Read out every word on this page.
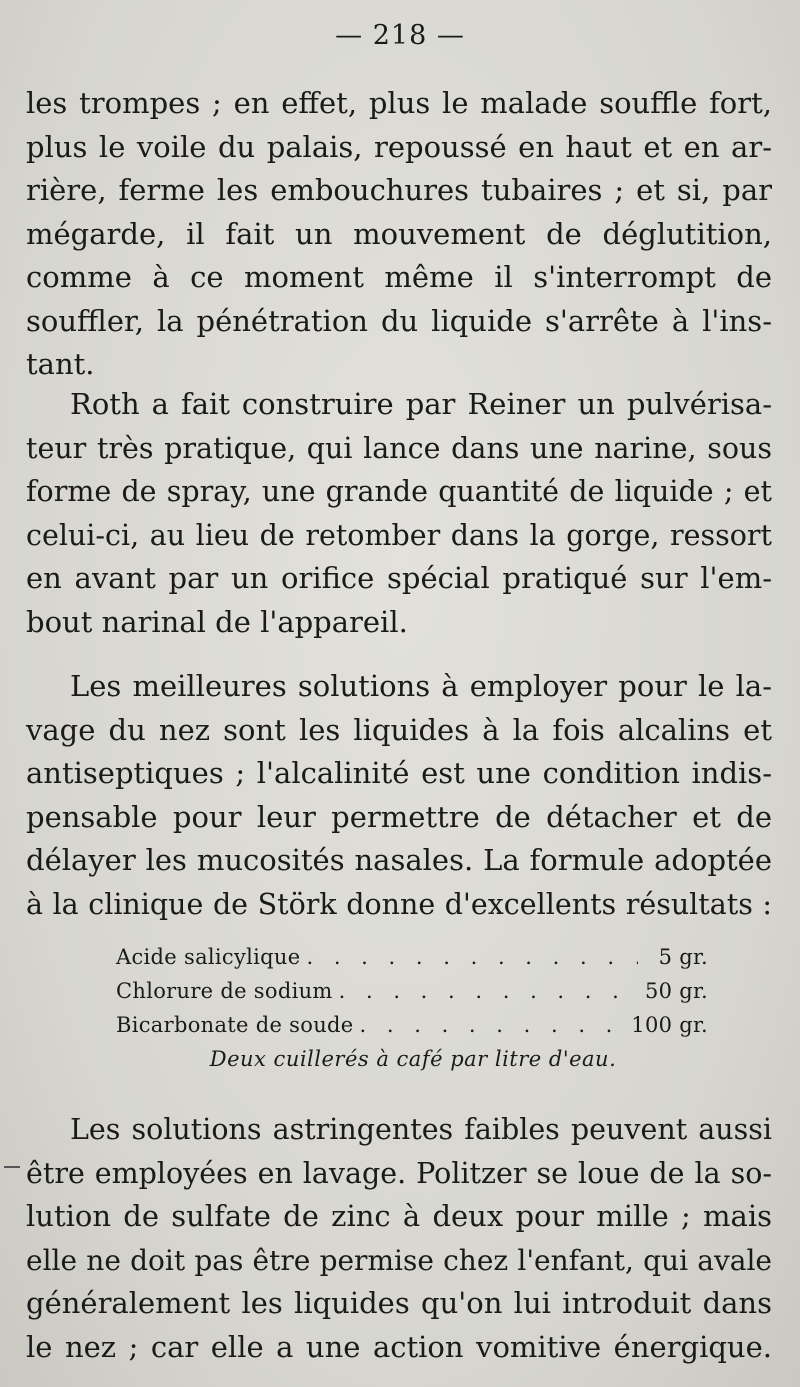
— 218 —
les trompes ; en effet, plus le malade souffle fort,
plus le voile du palais, repoussé en haut et en ar-
rière, ferme les embouchures tubaires ; et si, par
mégarde, il fait un mouvement de déglutition,
comme à ce moment même il s'interrompt de
souffler, la pénétration du liquide s'arrête à l'ins-
tant.
Roth a fait construire par Reiner un pulvérisa-
teur très pratique, qui lance dans une narine, sous
forme de spray, une grande quantité de liquide ; et
celui-ci, au lieu de retomber dans la gorge, ressort
en avant par un orifice spécial pratiqué sur l'em-
bout narinal de l'appareil.
Les meilleures solutions à employer pour le la-
vage du nez sont les liquides à la fois alcalins et
antiseptiques ; l'alcalinité est une condition indis-
pensable pour leur permettre de détacher et de
délayer les mucosités nasales. La formule adoptée
à la clinique de Störk donne d'excellents résultats :
Acide salicylique . . .	5 gr.
Chlorure de sodium . . .	50 gr.
Bicarbonate de soude . . .	100 gr.
Deux cuillerés à café par litre d'eau.
Les solutions astringentes faibles peuvent aussi
être employées en lavage. Politzer se loue de la so-
lution de sulfate de zinc à deux pour mille ; mais
elle ne doit pas être permise chez l'enfant, qui avale
généralement les liquides qu'on lui introduit dans
le nez ; car elle a une action vomitive énergique.
